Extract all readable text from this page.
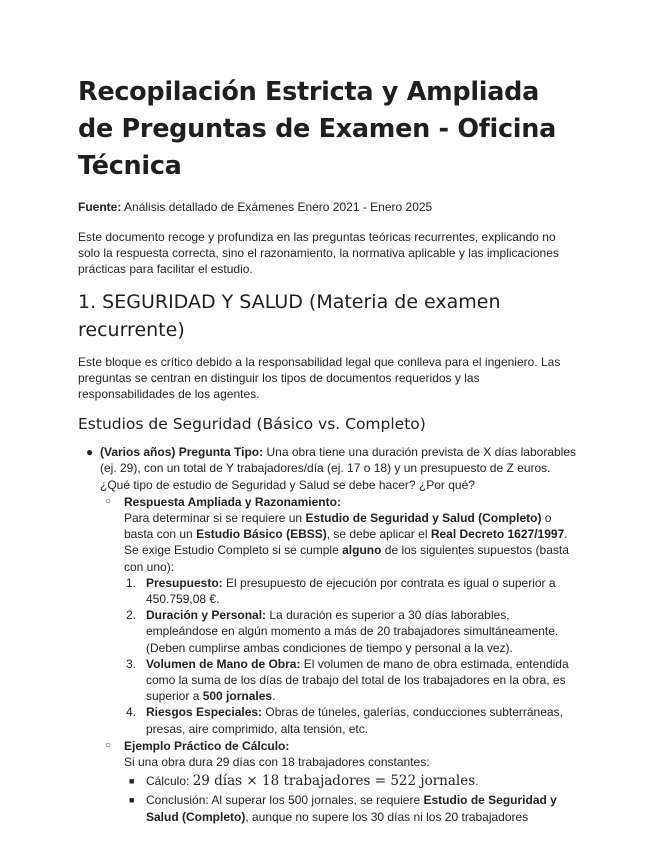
Recopilación Estricta y Ampliada de Preguntas de Examen - Oficina Técnica

Fuente: Análisis detallado de Exámenes Enero 2021 - Enero 2025

Este documento recoge y profundiza en las preguntas teóricas recurrentes, explicando no solo la respuesta correcta, sino el razonamiento, la normativa aplicable y las implicaciones prácticas para facilitar el estudio.

1. SEGURIDAD Y SALUD (Materia de examen recurrente)

Este bloque es crítico debido a la responsabilidad legal que conlleva para el ingeniero. Las preguntas se centran en distinguir los tipos de documentos requeridos y las responsabilidades de los agentes.

Estudios de Seguridad (Básico vs. Completo)
● (Varios años) Pregunta Tipo: Una obra tiene una duración prevista de X días laborables (ej. 29), con un total de Y trabajadores/día (ej. 17 o 18) y un presupuesto de Z euros. ¿Qué tipo de estudio de Seguridad y Salud se debe hacer? ¿Por qué?
○ Respuesta Ampliada y Razonamiento:
Para determinar si se requiere un Estudio de Seguridad y Salud (Completo) o basta con un Estudio Básico (EBSS), se debe aplicar el Real Decreto 1627/1997. Se exige Estudio Completo si se cumple alguno de los siguientes supuestos (basta con uno):
1. Presupuesto: El presupuesto de ejecución por contrata es igual o superior a 450.759,08 €.
2. Duración y Personal: La duración es superior a 30 días laborables, empleándose en algún momento a más de 20 trabajadores simultáneamente. (Deben cumplirse ambas condiciones de tiempo y personal a la vez).
3. Volumen de Mano de Obra: El volumen de mano de obra estimada, entendida como la suma de los días de trabajo del total de los trabajadores en la obra, es superior a 500 jornales.
4. Riesgos Especiales: Obras de túneles, galerías, conducciones subterráneas, presas, aire comprimido, alta tensión, etc.
○ Ejemplo Práctico de Cálculo:
Si una obra dura 29 días con 18 trabajadores constantes:
■ Cálculo: 29 días × 18 trabajadores = 522 jornales.
■ Conclusión: Al superar los 500 jornales, se requiere Estudio de Seguridad y Salud (Completo), aunque no supere los 30 días ni los 20 trabajadores
